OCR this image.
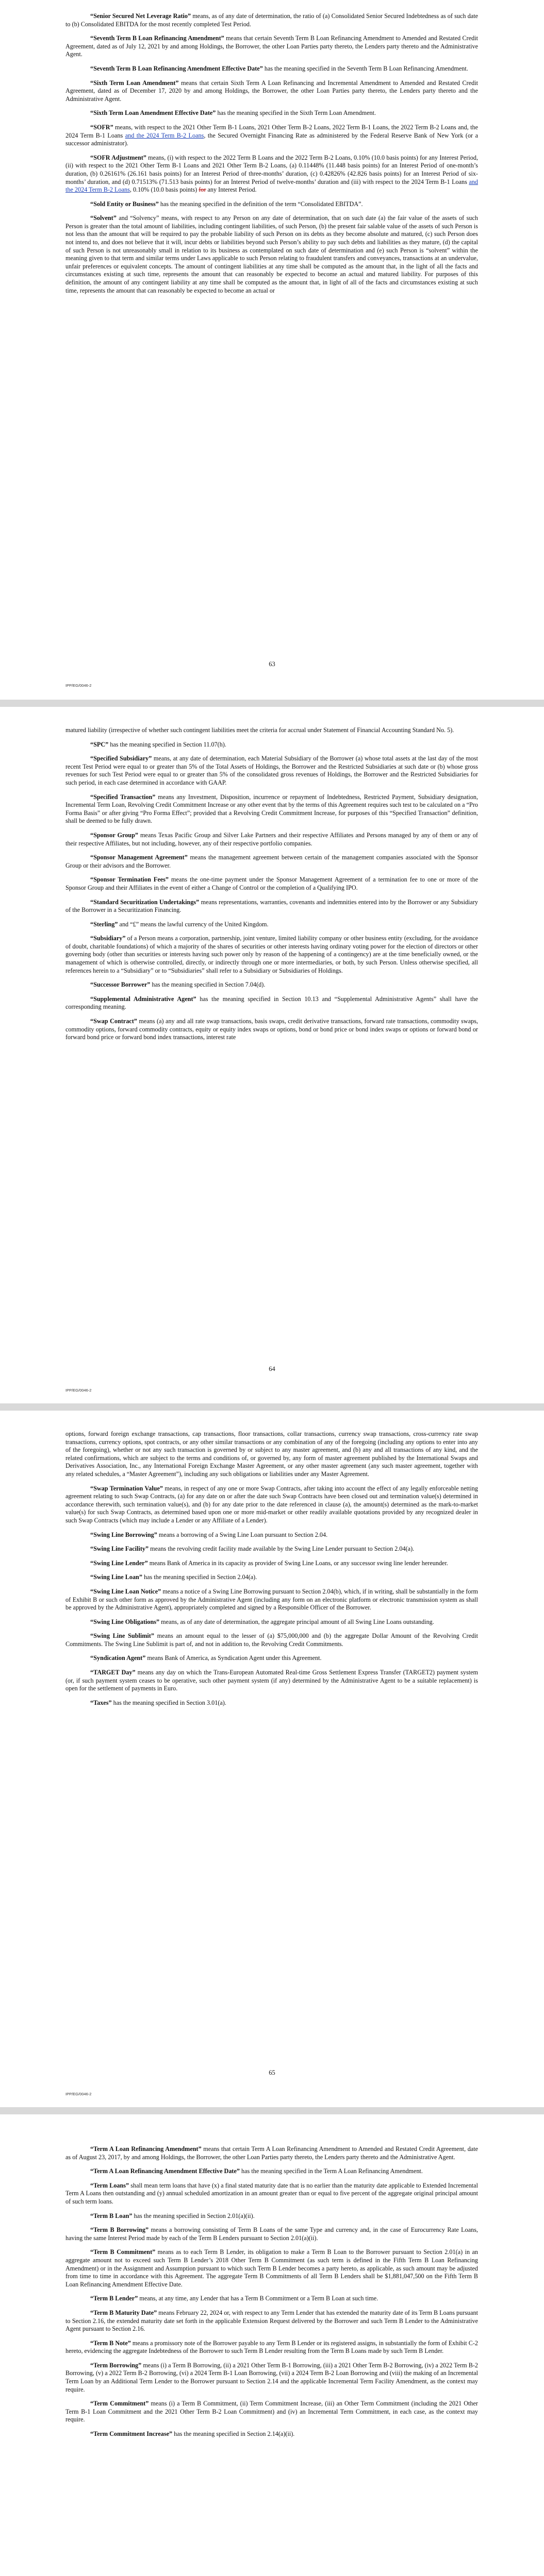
“Senior Secured Net Leverage Ratio” means, as of any date of determination, the ratio of (a) Consolidated Senior Secured Indebtedness as of such date to (b) Consolidated EBITDA for the most recently completed Test Period.

“Seventh Term B Loan Refinancing Amendment” means that certain Seventh Term B Loan Refinancing Amendment to Amended and Restated Credit Agreement, dated as of July 12, 2021 by and among Holdings, the Borrower, the other Loan Parties party thereto, the Lenders party thereto and the Administrative Agent.

“Seventh Term B Loan Refinancing Amendment Effective Date” has the meaning specified in the Seventh Term B Loan Refinancing Amendment.

“Sixth Term Loan Amendment” means that certain Sixth Term A Loan Refinancing and Incremental Amendment to Amended and Restated Credit Agreement, dated as of December 17, 2020 by and among Holdings, the Borrower, the other Loan Parties party thereto, the Lenders party thereto and the Administrative Agent.

“Sixth Term Loan Amendment Effective Date” has the meaning specified in the Sixth Term Loan Amendment.

“SOFR” means, with respect to the 2021 Other Term B-1 Loans, 2021 Other Term B-2 Loans, 2022 Term B-1 Loans, the 2022 Term B-2 Loans and, the 2024 Term B-1 Loans and the 2024 Term B-2 Loans, the Secured Overnight Financing Rate as administered by the Federal Reserve Bank of New York (or a successor administrator).

“SOFR Adjustment” means, (i) with respect to the 2022 Term B Loans and the 2022 Term B-2 Loans, 0.10% (10.0 basis points) for any Interest Period, (ii) with respect to the 2021 Other Term B-1 Loans and 2021 Other Term B-2 Loans, (a) 0.11448% (11.448 basis points) for an Interest Period of one-month’s duration, (b) 0.26161% (26.161 basis points) for an Interest Period of three-months’ duration, (c) 0.42826% (42.826 basis points) for an Interest Period of six-months’ duration, and (d) 0.71513% (71.513 basis points) for an Interest Period of twelve-months’ duration and (iii) with respect to the 2024 Term B-1 Loans and the 2024 Term B-2 Loans, 0.10% (10.0 basis points) for any Interest Period.

“Sold Entity or Business” has the meaning specified in the definition of the term “Consolidated EBITDA”.

“Solvent” and “Solvency” means, with respect to any Person on any date of determination, that on such date (a) the fair value of the assets of such Person is greater than the total amount of liabilities, including contingent liabilities, of such Person, (b) the present fair salable value of the assets of such Person is not less than the amount that will be required to pay the probable liability of such Person on its debts as they become absolute and matured, (c) such Person does not intend to, and does not believe that it will, incur debts or liabilities beyond such Person’s ability to pay such debts and liabilities as they mature, (d) the capital of such Person is not unreasonably small in relation to its business as contemplated on such date of determination and (e) such Person is “solvent” within the meaning given to that term and similar terms under Laws applicable to such Person relating to fraudulent transfers and conveyances, transactions at an undervalue, unfair preferences or equivalent concepts. The amount of contingent liabilities at any time shall be computed as the amount that, in the light of all the facts and circumstances existing at such time, represents the amount that can reasonably be expected to become an actual and matured liability. For purposes of this definition, the amount of any contingent liability at any time shall be computed as the amount that, in light of all of the facts and circumstances existing at such time, represents the amount that can reasonably be expected to become an actual or

63
IPP/EG/0046-2

matured liability (irrespective of whether such contingent liabilities meet the criteria for accrual under Statement of Financial Accounting Standard No. 5).

“SPC” has the meaning specified in Section 11.07(h).

“Specified Subsidiary” means, at any date of determination, each Material Subsidiary of the Borrower (a) whose total assets at the last day of the most recent Test Period were equal to or greater than 5% of the Total Assets of Holdings, the Borrower and the Restricted Subsidiaries at such date or (b) whose gross revenues for such Test Period were equal to or greater than 5% of the consolidated gross revenues of Holdings, the Borrower and the Restricted Subsidiaries for such period, in each case determined in accordance with GAAP.

“Specified Transaction” means any Investment, Disposition, incurrence or repayment of Indebtedness, Restricted Payment, Subsidiary designation, Incremental Term Loan, Revolving Credit Commitment Increase or any other event that by the terms of this Agreement requires such test to be calculated on a “Pro Forma Basis” or after giving “Pro Forma Effect”; provided that a Revolving Credit Commitment Increase, for purposes of this “Specified Transaction” definition, shall be deemed to be fully drawn.

“Sponsor Group” means Texas Pacific Group and Silver Lake Partners and their respective Affiliates and Persons managed by any of them or any of their respective Affiliates, but not including, however, any of their respective portfolio companies.

“Sponsor Management Agreement” means the management agreement between certain of the management companies associated with the Sponsor Group or their advisors and the Borrower.

“Sponsor Termination Fees” means the one-time payment under the Sponsor Management Agreement of a termination fee to one or more of the Sponsor Group and their Affiliates in the event of either a Change of Control or the completion of a Qualifying IPO.

“Standard Securitization Undertakings” means representations, warranties, covenants and indemnities entered into by the Borrower or any Subsidiary of the Borrower in a Securitization Financing.

“Sterling” and “£” means the lawful currency of the United Kingdom.

“Subsidiary” of a Person means a corporation, partnership, joint venture, limited liability company or other business entity (excluding, for the avoidance of doubt, charitable foundations) of which a majority of the shares of securities or other interests having ordinary voting power for the election of directors or other governing body (other than securities or interests having such power only by reason of the happening of a contingency) are at the time beneficially owned, or the management of which is otherwise controlled, directly, or indirectly through one or more intermediaries, or both, by such Person. Unless otherwise specified, all references herein to a “Subsidiary” or to “Subsidiaries” shall refer to a Subsidiary or Subsidiaries of Holdings.

“Successor Borrower” has the meaning specified in Section 7.04(d).

“Supplemental Administrative Agent” has the meaning specified in Section 10.13 and “Supplemental Administrative Agents” shall have the corresponding meaning.

“Swap Contract” means (a) any and all rate swap transactions, basis swaps, credit derivative transactions, forward rate transactions, commodity swaps, commodity options, forward commodity contracts, equity or equity index swaps or options, bond or bond price or bond index swaps or options or forward bond or forward bond price or forward bond index transactions, interest rate

64
IPP/EG/0046-2

options, forward foreign exchange transactions, cap transactions, floor transactions, collar transactions, currency swap transactions, cross-currency rate swap transactions, currency options, spot contracts, or any other similar transactions or any combination of any of the foregoing (including any options to enter into any of the foregoing), whether or not any such transaction is governed by or subject to any master agreement, and (b) any and all transactions of any kind, and the related confirmations, which are subject to the terms and conditions of, or governed by, any form of master agreement published by the International Swaps and Derivatives Association, Inc., any International Foreign Exchange Master Agreement, or any other master agreement (any such master agreement, together with any related schedules, a “Master Agreement”), including any such obligations or liabilities under any Master Agreement.

“Swap Termination Value” means, in respect of any one or more Swap Contracts, after taking into account the effect of any legally enforceable netting agreement relating to such Swap Contracts, (a) for any date on or after the date such Swap Contracts have been closed out and termination value(s) determined in accordance therewith, such termination value(s), and (b) for any date prior to the date referenced in clause (a), the amount(s) determined as the mark-to-market value(s) for such Swap Contracts, as determined based upon one or more mid-market or other readily available quotations provided by any recognized dealer in such Swap Contracts (which may include a Lender or any Affiliate of a Lender).

“Swing Line Borrowing” means a borrowing of a Swing Line Loan pursuant to Section 2.04.

“Swing Line Facility” means the revolving credit facility made available by the Swing Line Lender pursuant to Section 2.04(a).

“Swing Line Lender” means Bank of America in its capacity as provider of Swing Line Loans, or any successor swing line lender hereunder.

“Swing Line Loan” has the meaning specified in Section 2.04(a).

“Swing Line Loan Notice” means a notice of a Swing Line Borrowing pursuant to Section 2.04(b), which, if in writing, shall be substantially in the form of Exhibit B or such other form as approved by the Administrative Agent (including any form on an electronic platform or electronic transmission system as shall be approved by the Administrative Agent), appropriately completed and signed by a Responsible Officer of the Borrower.

“Swing Line Obligations” means, as of any date of determination, the aggregate principal amount of all Swing Line Loans outstanding.

“Swing Line Sublimit” means an amount equal to the lesser of (a) $75,000,000 and (b) the aggregate Dollar Amount of the Revolving Credit Commitments. The Swing Line Sublimit is part of, and not in addition to, the Revolving Credit Commitments.

“Syndication Agent” means Bank of America, as Syndication Agent under this Agreement.

“TARGET Day” means any day on which the Trans-European Automated Real-time Gross Settlement Express Transfer (TARGET2) payment system (or, if such payment system ceases to be operative, such other payment system (if any) determined by the Administrative Agent to be a suitable replacement) is open for the settlement of payments in Euro.

“Taxes” has the meaning specified in Section 3.01(a).

65
IPP/EG/0046-2

“Term A Loan Refinancing Amendment” means that certain Term A Loan Refinancing Amendment to Amended and Restated Credit Agreement, date as of August 23, 2017, by and among Holdings, the Borrower, the other Loan Parties party thereto, the Lenders party thereto and the Administrative Agent.

“Term A Loan Refinancing Amendment Effective Date” has the meaning specified in the Term A Loan Refinancing Amendment.

“Term Loans” shall mean term loans that have (x) a final stated maturity date that is no earlier than the maturity date applicable to Extended Incremental Term A Loans then outstanding and (y) annual scheduled amortization in an amount greater than or equal to five percent of the aggregate original principal amount of such term loans.

“Term B Loan” has the meaning specified in Section 2.01(a)(ii).

“Term B Borrowing” means a borrowing consisting of Term B Loans of the same Type and currency and, in the case of Eurocurrency Rate Loans, having the same Interest Period made by each of the Term B Lenders pursuant to Section 2.01(a)(ii).

“Term B Commitment” means as to each Term B Lender, its obligation to make a Term B Loan to the Borrower pursuant to Section 2.01(a) in an aggregate amount not to exceed such Term B Lender’s 2018 Other Term B Commitment (as such term is defined in the Fifth Term B Loan Refinancing Amendment) or in the Assignment and Assumption pursuant to which such Term B Lender becomes a party hereto, as applicable, as such amount may be adjusted from time to time in accordance with this Agreement. The aggregate Term B Commitments of all Term B Lenders shall be $1,881,047,500 on the Fifth Term B Loan Refinancing Amendment Effective Date.

“Term B Lender” means, at any time, any Lender that has a Term B Commitment or a Term B Loan at such time.

“Term B Maturity Date” means February 22, 2024 or, with respect to any Term Lender that has extended the maturity date of its Term B Loans pursuant to Section 2.16, the extended maturity date set forth in the applicable Extension Request delivered by the Borrower and such Term B Lender to the Administrative Agent pursuant to Section 2.16.

“Term B Note” means a promissory note of the Borrower payable to any Term B Lender or its registered assigns, in substantially the form of Exhibit C-2 hereto, evidencing the aggregate Indebtedness of the Borrower to such Term B Lender resulting from the Term B Loans made by such Term B Lender.

“Term Borrowing” means (i) a Term B Borrowing, (ii) a 2021 Other Term B-1 Borrowing, (iii) a 2021 Other Term B-2 Borrowing, (iv) a 2022 Term B-2 Borrowing, (v) a 2022 Term B-2 Borrowing, (vi) a 2024 Term B-1 Loan Borrowing, (vii) a 2024 Term B-2 Loan Borrowing and (viii) the making of an Incremental Term Loan by an Additional Term Lender to the Borrower pursuant to Section 2.14 and the applicable Incremental Term Facility Amendment, as the context may require.

“Term Commitment” means (i) a Term B Commitment, (ii) Term Commitment Increase, (iii) an Other Term Commitment (including the 2021 Other Term B-1 Loan Commitment and the 2021 Other Term B-2 Loan Commitment) and (iv) an Incremental Term Commitment, in each case, as the context may require.

“Term Commitment Increase” has the meaning specified in Section 2.14(a)(ii).
